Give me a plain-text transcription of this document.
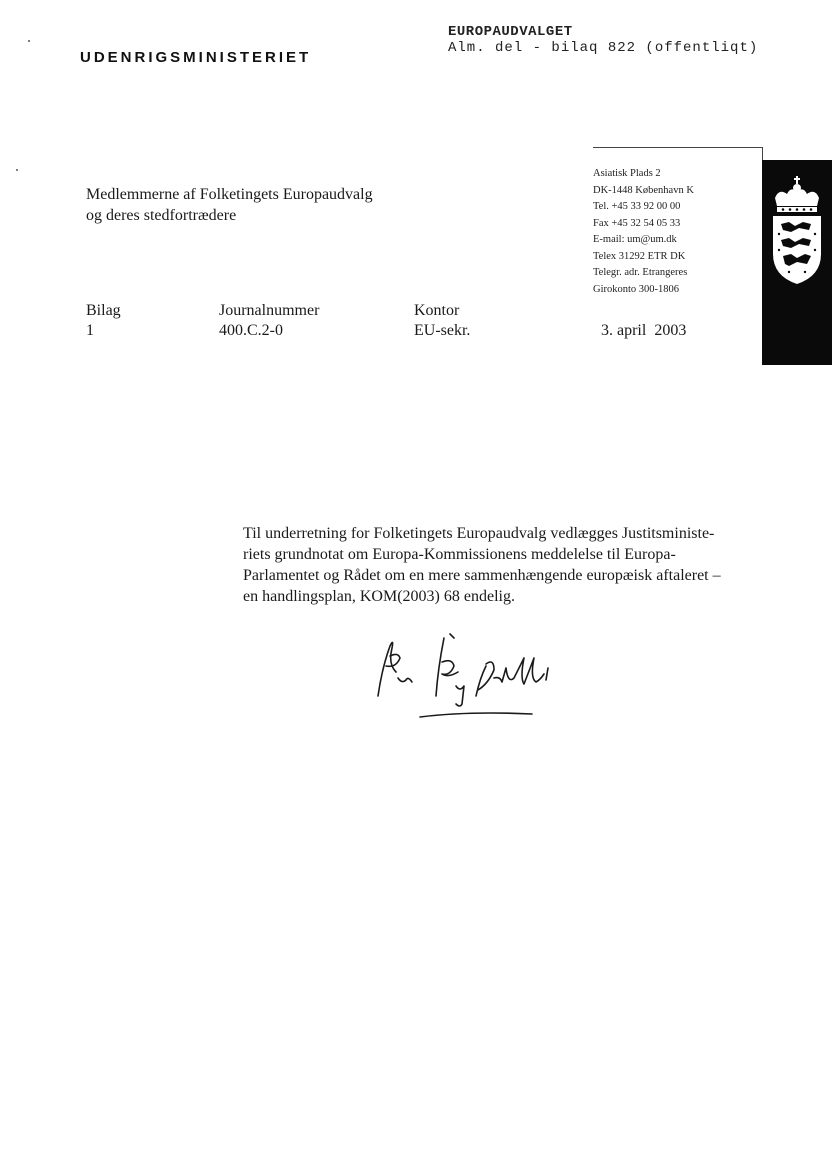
UDENRIGSMINISTERIET
EUROPAUDVALGET
Alm. del - bilaq 822 (offentliqt)
Medlemmerne af Folketingets Europaudvalg
og deres stedfortrædere
Asiatisk Plads 2
DK-1448 København K
Tel. +45 33 92 00 00
Fax +45 32 54 05 33
E-mail: um@um.dk
Telex 31292 ETR DK
Telegr. adr. Etrangeres
Girokonto 300-1806
Bilag
1
Journalnummer
400.C.2-0
Kontor
EU-sekr.	3. april  2003
Til underretning for Folketingets Europaudvalg vedlægges Justitsministe-
riets grundnotat om Europa-Kommissionens meddelelse til Europa-
Parlamentet og Rådet om en mere sammenhængende europæisk aftaleret –
en handlingsplan, KOM(2003) 68 endelig.
